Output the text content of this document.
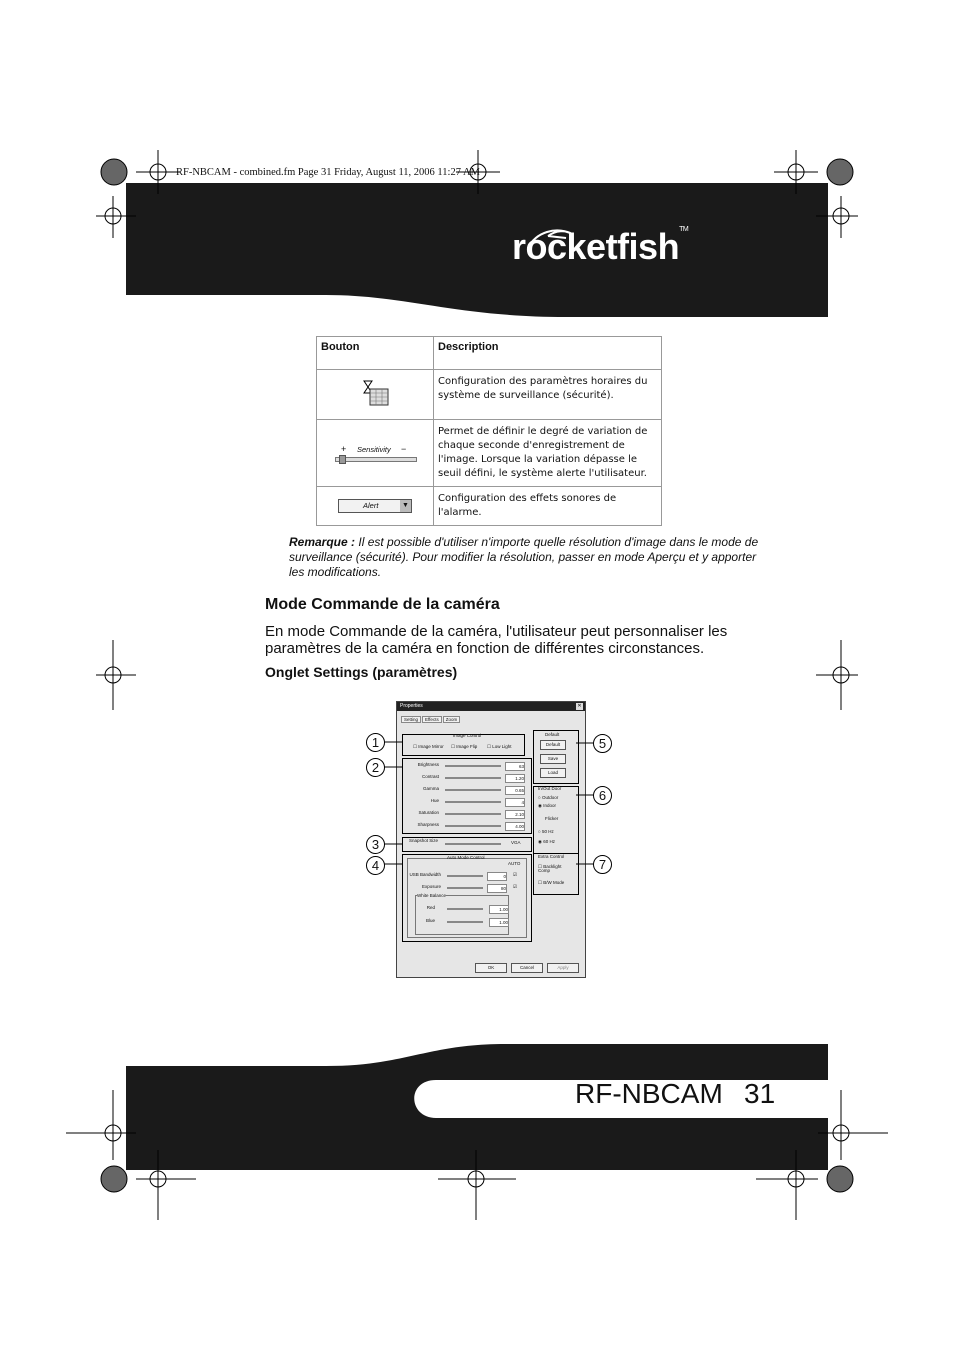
RF-NBCAM - combined.fm Page 31 Friday, August 11, 2006 11:27 AM
rocketfish™
Bouton	Description
	Configuration des paramètres horaires du système de surveillance (sécurité).

+ Sensitivity −	Permet de définir le degré de variation de chaque seconde d'enregistrement de l'image. Lorsque la variation dépasse le seuil défini, le système alerte l'utilisateur.

Alert ▼	Configuration des effets sonores de l'alarme.
Remarque : Il est possible d'utiliser n'importe quelle résolution d'image dans le mode de surveillance (sécurité). Pour modifier la résolution, passer en mode Aperçu et y apporter les modifications.
Mode Commande de la caméra
En mode Commande de la caméra, l'utilisateur peut personnaliser les paramètres de la caméra en fonction de différentes circonstances.
Onglet Settings (paramètres)
Properties	✕
Setting Effects Zoom
Image Control
☐ Image Mirror ☐ Image Flip ☐ Low Light
Brightness	63
Contrast	1.20
Gamma	0.65
Hue	4
Saturation	2.10
Sharpness	4.00
Snapshot Size	VGA
Auto Mode Control
AUTO
USB Bandwidth	0 ☑
Exposure	80 ☑
White Balance
Red	1.00
Blue	1.00
Default
Default
Save
Load
In/Out Door
○ Outdoor
◉ Indoor
Flicker
○ 50 Hz
◉ 60 Hz
Extra Control
☐ Backlight Comp
☐ B/W Mode
OK	Cancel	Apply
1
2
3
4
5
6
7
RF-NBCAM 31
